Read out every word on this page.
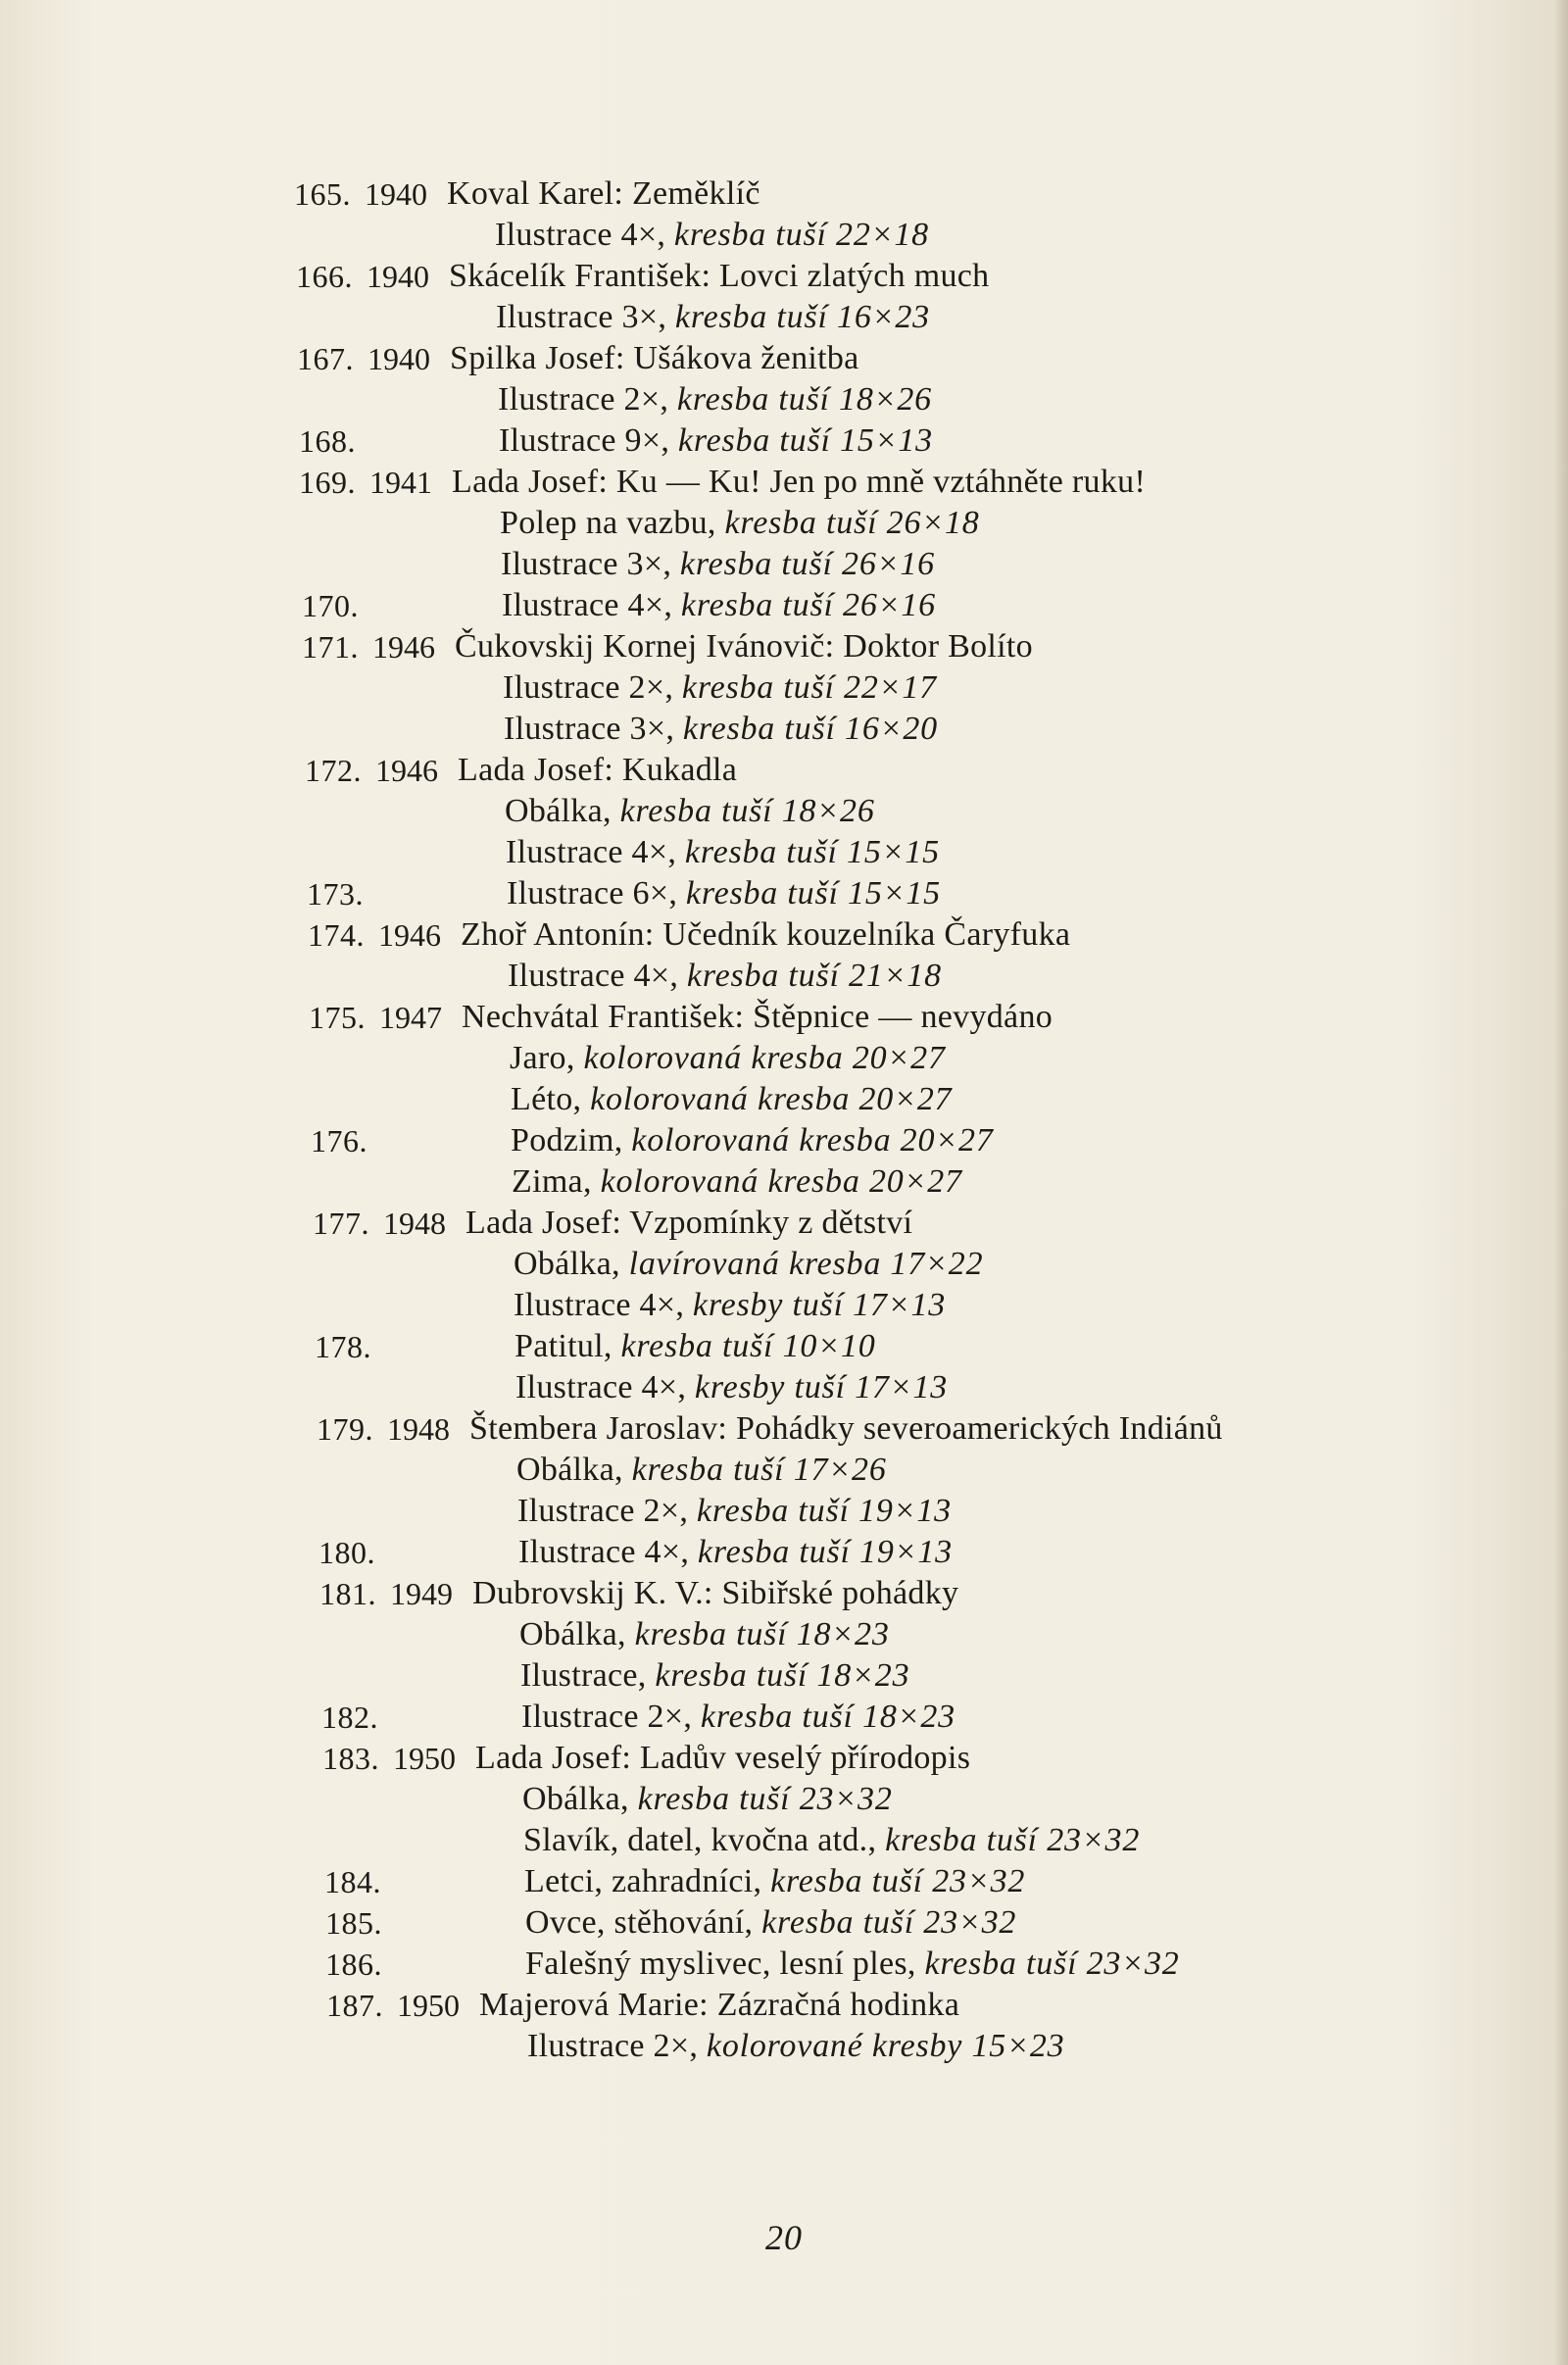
165. 1940 Koval Karel: Zeměklíč
Ilustrace 4×, kresba tuší 22×18
166. 1940 Skácelík František: Lovci zlatých much
Ilustrace 3×, kresba tuší 16×23
167. 1940 Spilka Josef: Ušákova ženitba
Ilustrace 2×, kresba tuší 18×26
168.	Ilustrace 9×, kresba tuší 15×13
169. 1941 Lada Josef: Ku — Ku! Jen po mně vztáhněte ruku!
Polep na vazbu, kresba tuší 26×18
Ilustrace 3×, kresba tuší 26×16
170.	Ilustrace 4×, kresba tuší 26×16
171. 1946 Čukovskij Kornej Ivánovič: Doktor Bolíto
Ilustrace 2×, kresba tuší 22×17
Ilustrace 3×, kresba tuší 16×20
172. 1946 Lada Josef: Kukadla
Obálka, kresba tuší 18×26
Ilustrace 4×, kresba tuší 15×15
173.	Ilustrace 6×, kresba tuší 15×15
174. 1946 Zhoř Antonín: Učedník kouzelníka Čaryfuka
Ilustrace 4×, kresba tuší 21×18
175. 1947 Nechvátal František: Štěpnice — nevydáno
Jaro, kolorovaná kresba 20×27
Léto, kolorovaná kresba 20×27
176.	Podzim, kolorovaná kresba 20×27
Zima, kolorovaná kresba 20×27
177. 1948 Lada Josef: Vzpomínky z dětství
Obálka, lavírovaná kresba 17×22
Ilustrace 4×, kresby tuší 17×13
178.	Patitul, kresba tuší 10×10
Ilustrace 4×, kresby tuší 17×13
179. 1948 Štembera Jaroslav: Pohádky severoamerických Indiánů
Obálka, kresba tuší 17×26
Ilustrace 2×, kresba tuší 19×13
180.	Ilustrace 4×, kresba tuší 19×13
181. 1949 Dubrovskij K. V.: Sibiřské pohádky
Obálka, kresba tuší 18×23
Ilustrace, kresba tuší 18×23
182.	Ilustrace 2×, kresba tuší 18×23
183. 1950 Lada Josef: Ladův veselý přírodopis
Obálka, kresba tuší 23×32
Slavík, datel, kvočna atd., kresba tuší 23×32
184.	Letci, zahradníci, kresba tuší 23×32
185.	Ovce, stěhování, kresba tuší 23×32
186.	Falešný myslivec, lesní ples, kresba tuší 23×32
187. 1950 Majerová Marie: Zázračná hodinka
Ilustrace 2×, kolorované kresby 15×23
20
